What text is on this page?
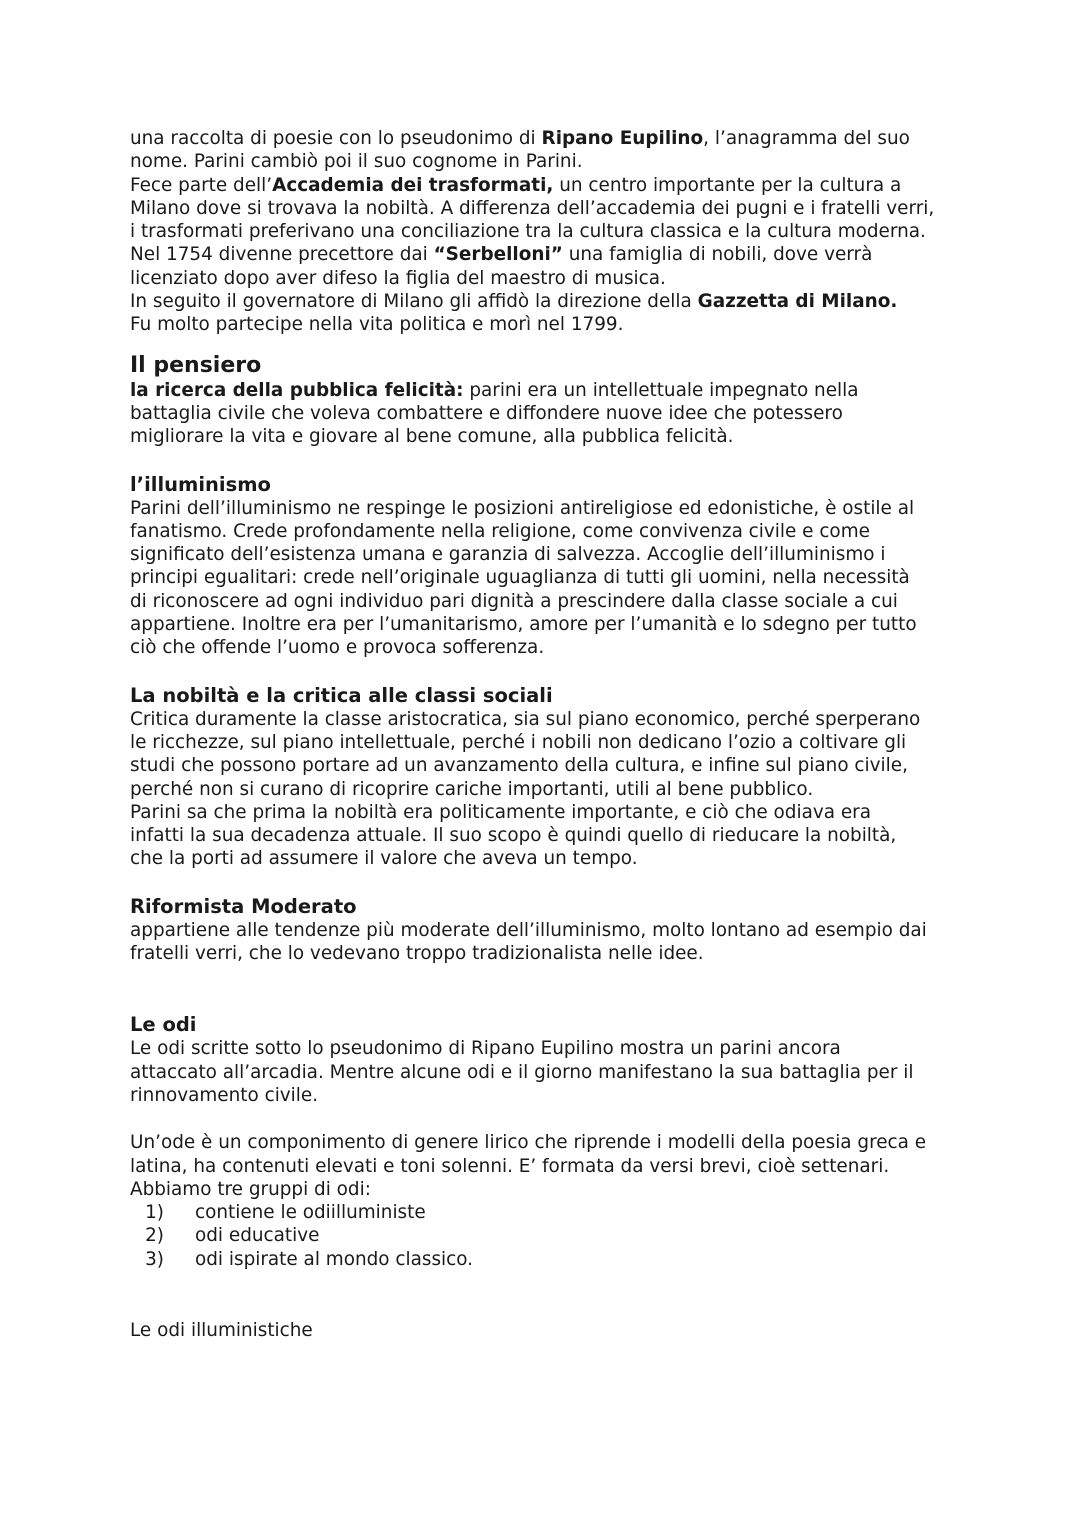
una raccolta di poesie con lo pseudonimo di Ripano Eupilino, l’anagramma del suo

nome. Parini cambiò poi il suo cognome in Parini.

Fece parte dell’Accademia dei trasformati, un centro importante per la cultura a

Milano dove si trovava la nobiltà. A differenza dell’accademia dei pugni e i fratelli verri,

i trasformati preferivano una conciliazione tra la cultura classica e la cultura moderna.

Nel 1754 divenne precettore dai “Serbelloni” una famiglia di nobili, dove verrà

licenziato dopo aver difeso la figlia del maestro di musica.

In seguito il governatore di Milano gli affidò la direzione della Gazzetta di Milano.

Fu molto partecipe nella vita politica e morì nel 1799.

Il pensiero

la ricerca della pubblica felicità: parini era un intellettuale impegnato nella

battaglia civile che voleva combattere e diffondere nuove idee che potessero

migliorare la vita e giovare al bene comune, alla pubblica felicità.

l’illuminismo

Parini dell’illuminismo ne respinge le posizioni antireligiose ed edonistiche, è ostile al

fanatismo. Crede profondamente nella religione, come convivenza civile e come

significato dell’esistenza umana e garanzia di salvezza. Accoglie dell’illuminismo i

principi egualitari: crede nell’originale uguaglianza di tutti gli uomini, nella necessità

di riconoscere ad ogni individuo pari dignità a prescindere dalla classe sociale a cui

appartiene. Inoltre era per l’umanitarismo, amore per l’umanità e lo sdegno per tutto

ciò che offende l’uomo e provoca sofferenza.

La nobiltà e la critica alle classi sociali

Critica duramente la classe aristocratica, sia sul piano economico, perché sperperano

le ricchezze, sul piano intellettuale, perché i nobili non dedicano l’ozio a coltivare gli

studi che possono portare ad un avanzamento della cultura, e infine sul piano civile,

perché non si curano di ricoprire cariche importanti, utili al bene pubblico.

Parini sa che prima la nobiltà era politicamente importante, e ciò che odiava era

infatti la sua decadenza attuale. Il suo scopo è quindi quello di rieducare la nobiltà,

che la porti ad assumere il valore che aveva un tempo.

Riformista Moderato

appartiene alle tendenze più moderate dell’illuminismo, molto lontano ad esempio dai

fratelli verri, che lo vedevano troppo tradizionalista nelle idee.

Le odi

Le odi scritte sotto lo pseudonimo di Ripano Eupilino mostra un parini ancora

attaccato all’arcadia. Mentre alcune odi e il giorno manifestano la sua battaglia per il

rinnovamento civile.

Un’ode è un componimento di genere lirico che riprende i modelli della poesia greca e

latina, ha contenuti elevati e toni solenni. E’ formata da versi brevi, cioè settenari.

Abbiamo tre gruppi di odi:

1) contiene le odiilluministe
2) odi educative
3) odi ispirate al mondo classico.

Le odi illuministiche
